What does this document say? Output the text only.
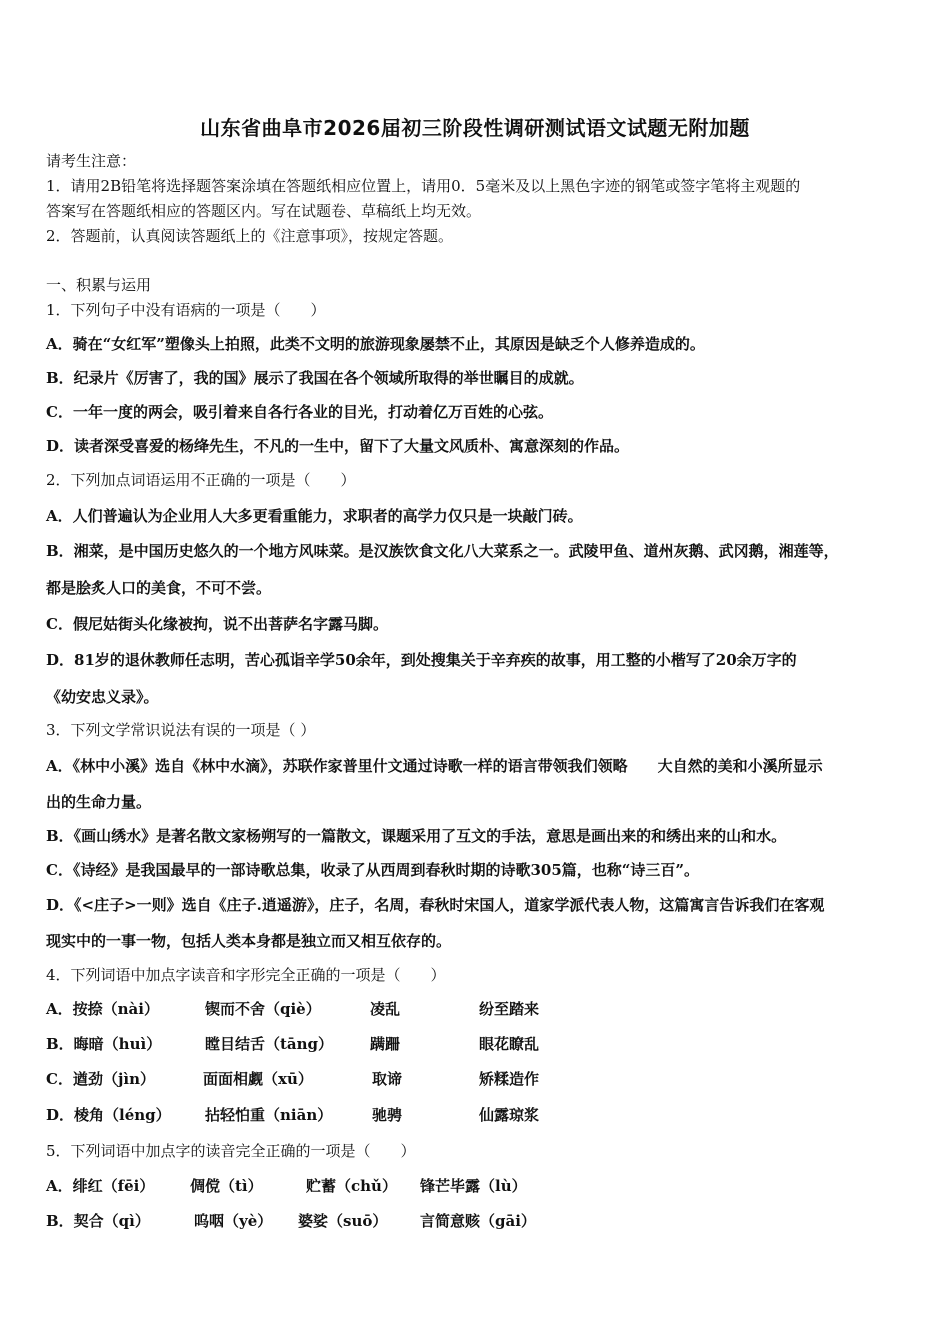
山东省曲阜市2026届初三阶段性调研测试语文试题无附加题
请考生注意：
1．请用2B铅笔将选择题答案涂填在答题纸相应位置上，请用0．5毫米及以上黑色字迹的钢笔或签字笔将主观题的
答案写在答题纸相应的答题区内。写在试题卷、草稿纸上均无效。
2．答题前，认真阅读答题纸上的《注意事项》，按规定答题。
一、积累与运用
1．下列句子中没有语病的一项是（　　）
A．骑在“女红军”塑像头上拍照，此类不文明的旅游现象屡禁不止，其原因是缺乏个人修养造成的。
B．纪录片《厉害了，我的国》展示了我国在各个领域所取得的举世瞩目的成就。
C．一年一度的两会，吸引着来自各行各业的目光，打动着亿万百姓的心弦。
D．读者深受喜爱的杨绛先生，不凡的一生中，留下了大量文风质朴、寓意深刻的作品。
2．下列加点词语运用不正确的一项是（　　）
A．人们普遍认为企业用人大多更看重能力，求职者的高学力仅只是一块敲门砖。
B．湘菜，是中国历史悠久的一个地方风味菜。是汉族饮食文化八大菜系之一。武陵甲鱼、道州灰鹅、武冈鹅，湘莲等，
都是脍炙人口的美食，不可不尝。
C．假尼姑街头化缘被拘，说不出菩萨名字露马脚。
D．81岁的退休教师任志明，苦心孤诣辛学50余年，到处搜集关于辛弃疾的故事，用工整的小楷写了20余万字的
《幼安忠义录》。
3．下列文学常识说法有误的一项是（ ）
A．《林中小溪》选自《林中水滴》，苏联作家普里什文通过诗歌一样的语言带领我们领略　　大自然的美和小溪所显示
出的生命力量。
B．《画山绣水》是著名散文家杨朔写的一篇散文，课题采用了互文的手法，意思是画出来的和绣出来的山和水。
C．《诗经》是我国最早的一部诗歌总集，收录了从西周到春秋时期的诗歌305篇，也称“诗三百”。
D．《<庄子>一则》选自《庄子.逍遥游》，庄子，名周，春秋时宋国人，道家学派代表人物，这篇寓言告诉我们在客观
现实中的一事一物，包括人类本身都是独立而又相互依存的。
4．下列词语中加点字读音和字形完全正确的一项是（　　）
A．按捺（nài）	锲而不舍（qiè）	凌乱	纷至踏来
B．晦暗（huì）	瞠目结舌（tāng） 蹒跚	眼花瞭乱
C．遒劲（jìn）	面面相觑（xū）	取谛	矫糅造作
D．棱角（léng） 拈轻怕重（niān）	驰骋	仙露琼浆
5．下列词语中加点字的读音完全正确的一项是（　　）
A．绯红（fēi） 倜傥（tì）	贮蓄（chǔ） 锋芒毕露（lù）
B．契合（qì）	呜咽（yè） 婆娑（suō） 言简意赅（gāi）
